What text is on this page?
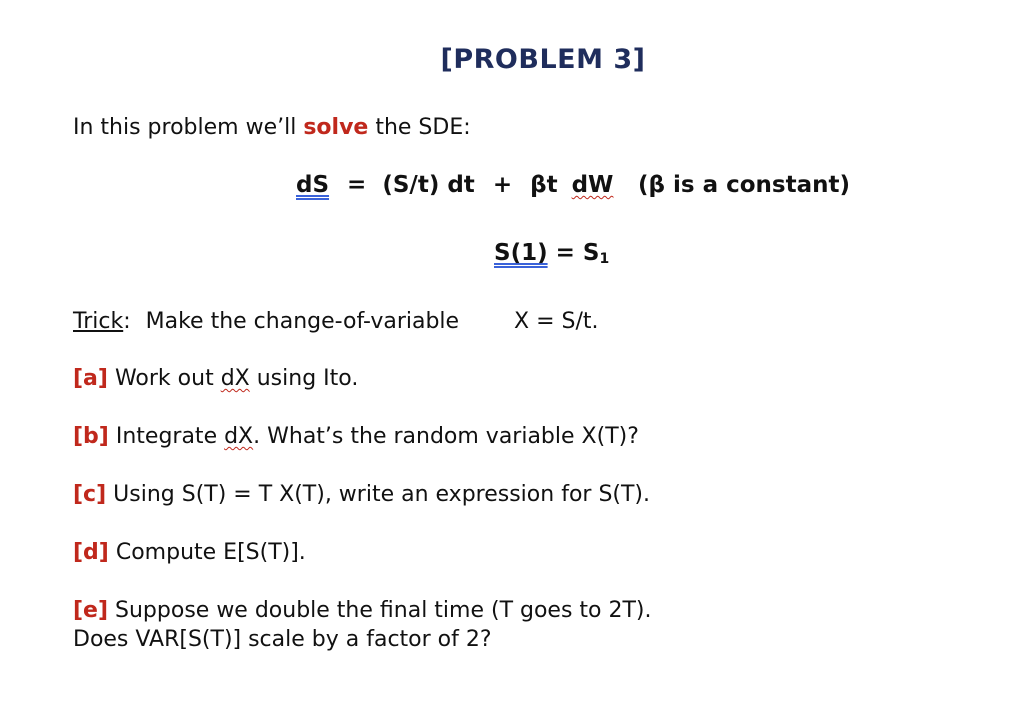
[PROBLEM 3]
In this problem we’ll solve the SDE:
dS = (S/t) dt + βt dW (β is a constant)
$S(1) = S_1$
Trick: Make the change-of-variable X = S/t.
[a] Work out dX using Ito.
[b] Integrate dX. What’s the random variable X(T)?
[c] Using S(T) = T X(T), write an expression for S(T).
[d] Compute E[S(T)].
[e] Suppose we double the final time (T goes to 2T).
Does VAR[S(T)] scale by a factor of 2?
